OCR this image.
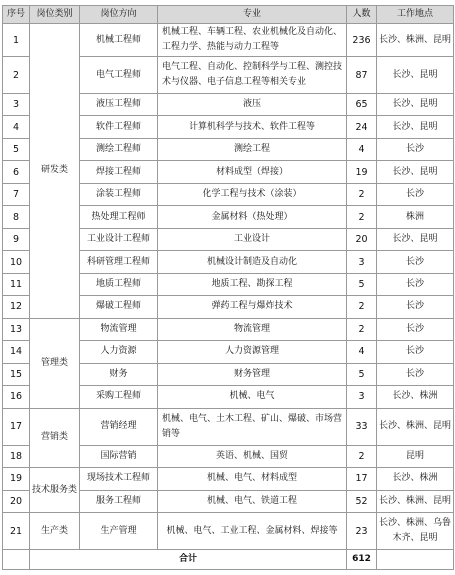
序号	岗位类别	岗位方向	专业	人数	工作地点
1	研发类	机械工程师	机械工程、车辆工程、农业机械化及自动化、工程力学、热能与动力工程等	236	长沙、株洲、昆明
2		电气工程师	电气工程、自动化、控制科学与工程、测控技术与仪器、电子信息工程等相关专业	87	长沙、昆明
3		液压工程师	液压	65	长沙、昆明
4		软件工程师	计算机科学与技术、软件工程等	24	长沙、昆明
5		测绘工程师	测绘工程	4	长沙
6		焊接工程师	材料成型（焊接）	19	长沙、昆明
7		涂装工程师	化学工程与技术（涂装）	2	长沙
8		热处理工程师	金属材料（热处理）	2	株洲
9		工业设计工程师	工业设计	20	长沙、昆明
10		科研管理工程师	机械设计制造及自动化	3	长沙
11		地质工程师	地质工程、勘探工程	5	长沙
12		爆破工程师	弹药工程与爆炸技术	2	长沙
13	管理类	物流管理	物流管理	2	长沙
14		人力资源	人力资源管理	4	长沙
15		财务	财务管理	5	长沙
16		采购工程师	机械、电气	3	长沙、株洲
17	营销类	营销经理	机械、电气、土木工程、矿山、爆破、市场营销等	33	长沙、株洲、昆明
18		国际营销	英语、机械、国贸	2	昆明
19	技术服务类	现场技术工程师	机械、电气、材料成型	17	长沙、株洲
20		服务工程师	机械、电气、铁道工程	52	长沙、株洲、昆明
21	生产类	生产管理	机械、电气、工业工程、金属材料、焊接等	23	长沙、株洲、乌鲁木齐、昆明
	合计			612	
